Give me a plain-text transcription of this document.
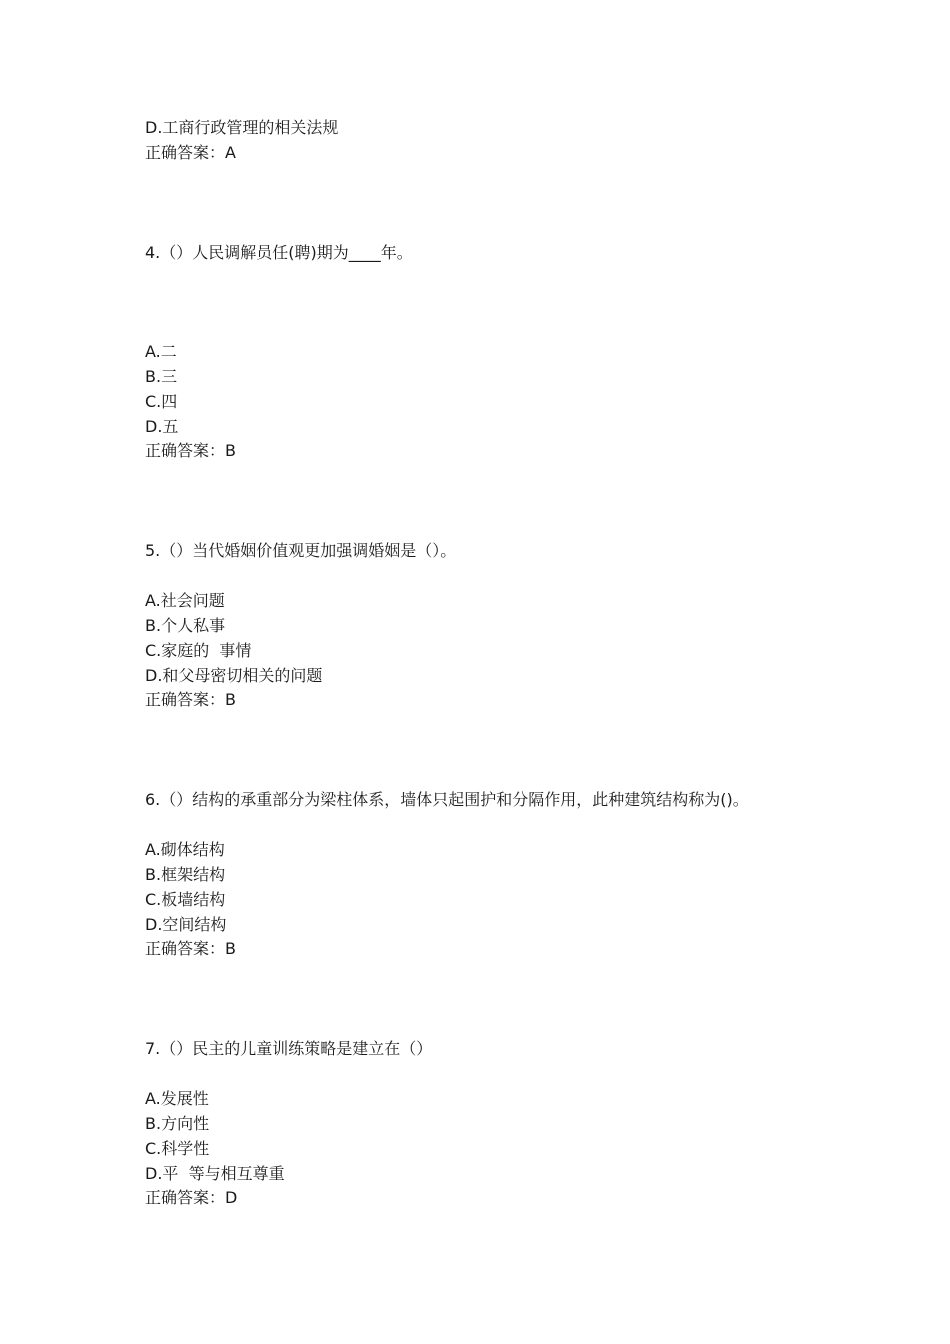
D.工商行政管理的相关法规
正确答案：A
4.（）人民调解员任(聘)期为____年。
A.二
B.三
C.四
D.五
正确答案：B
5.（）当代婚姻价值观更加强调婚姻是（）。
A.社会问题
B.个人私事
C.家庭的  事情
D.和父母密切相关的问题
正确答案：B
6.（）结构的承重部分为梁柱体系，墙体只起围护和分隔作用，此种建筑结构称为()。
A.砌体结构
B.框架结构
C.板墙结构
D.空间结构
正确答案：B
7.（）民主的儿童训练策略是建立在（）
A.发展性
B.方向性
C.科学性
D.平  等与相互尊重
正确答案：D
